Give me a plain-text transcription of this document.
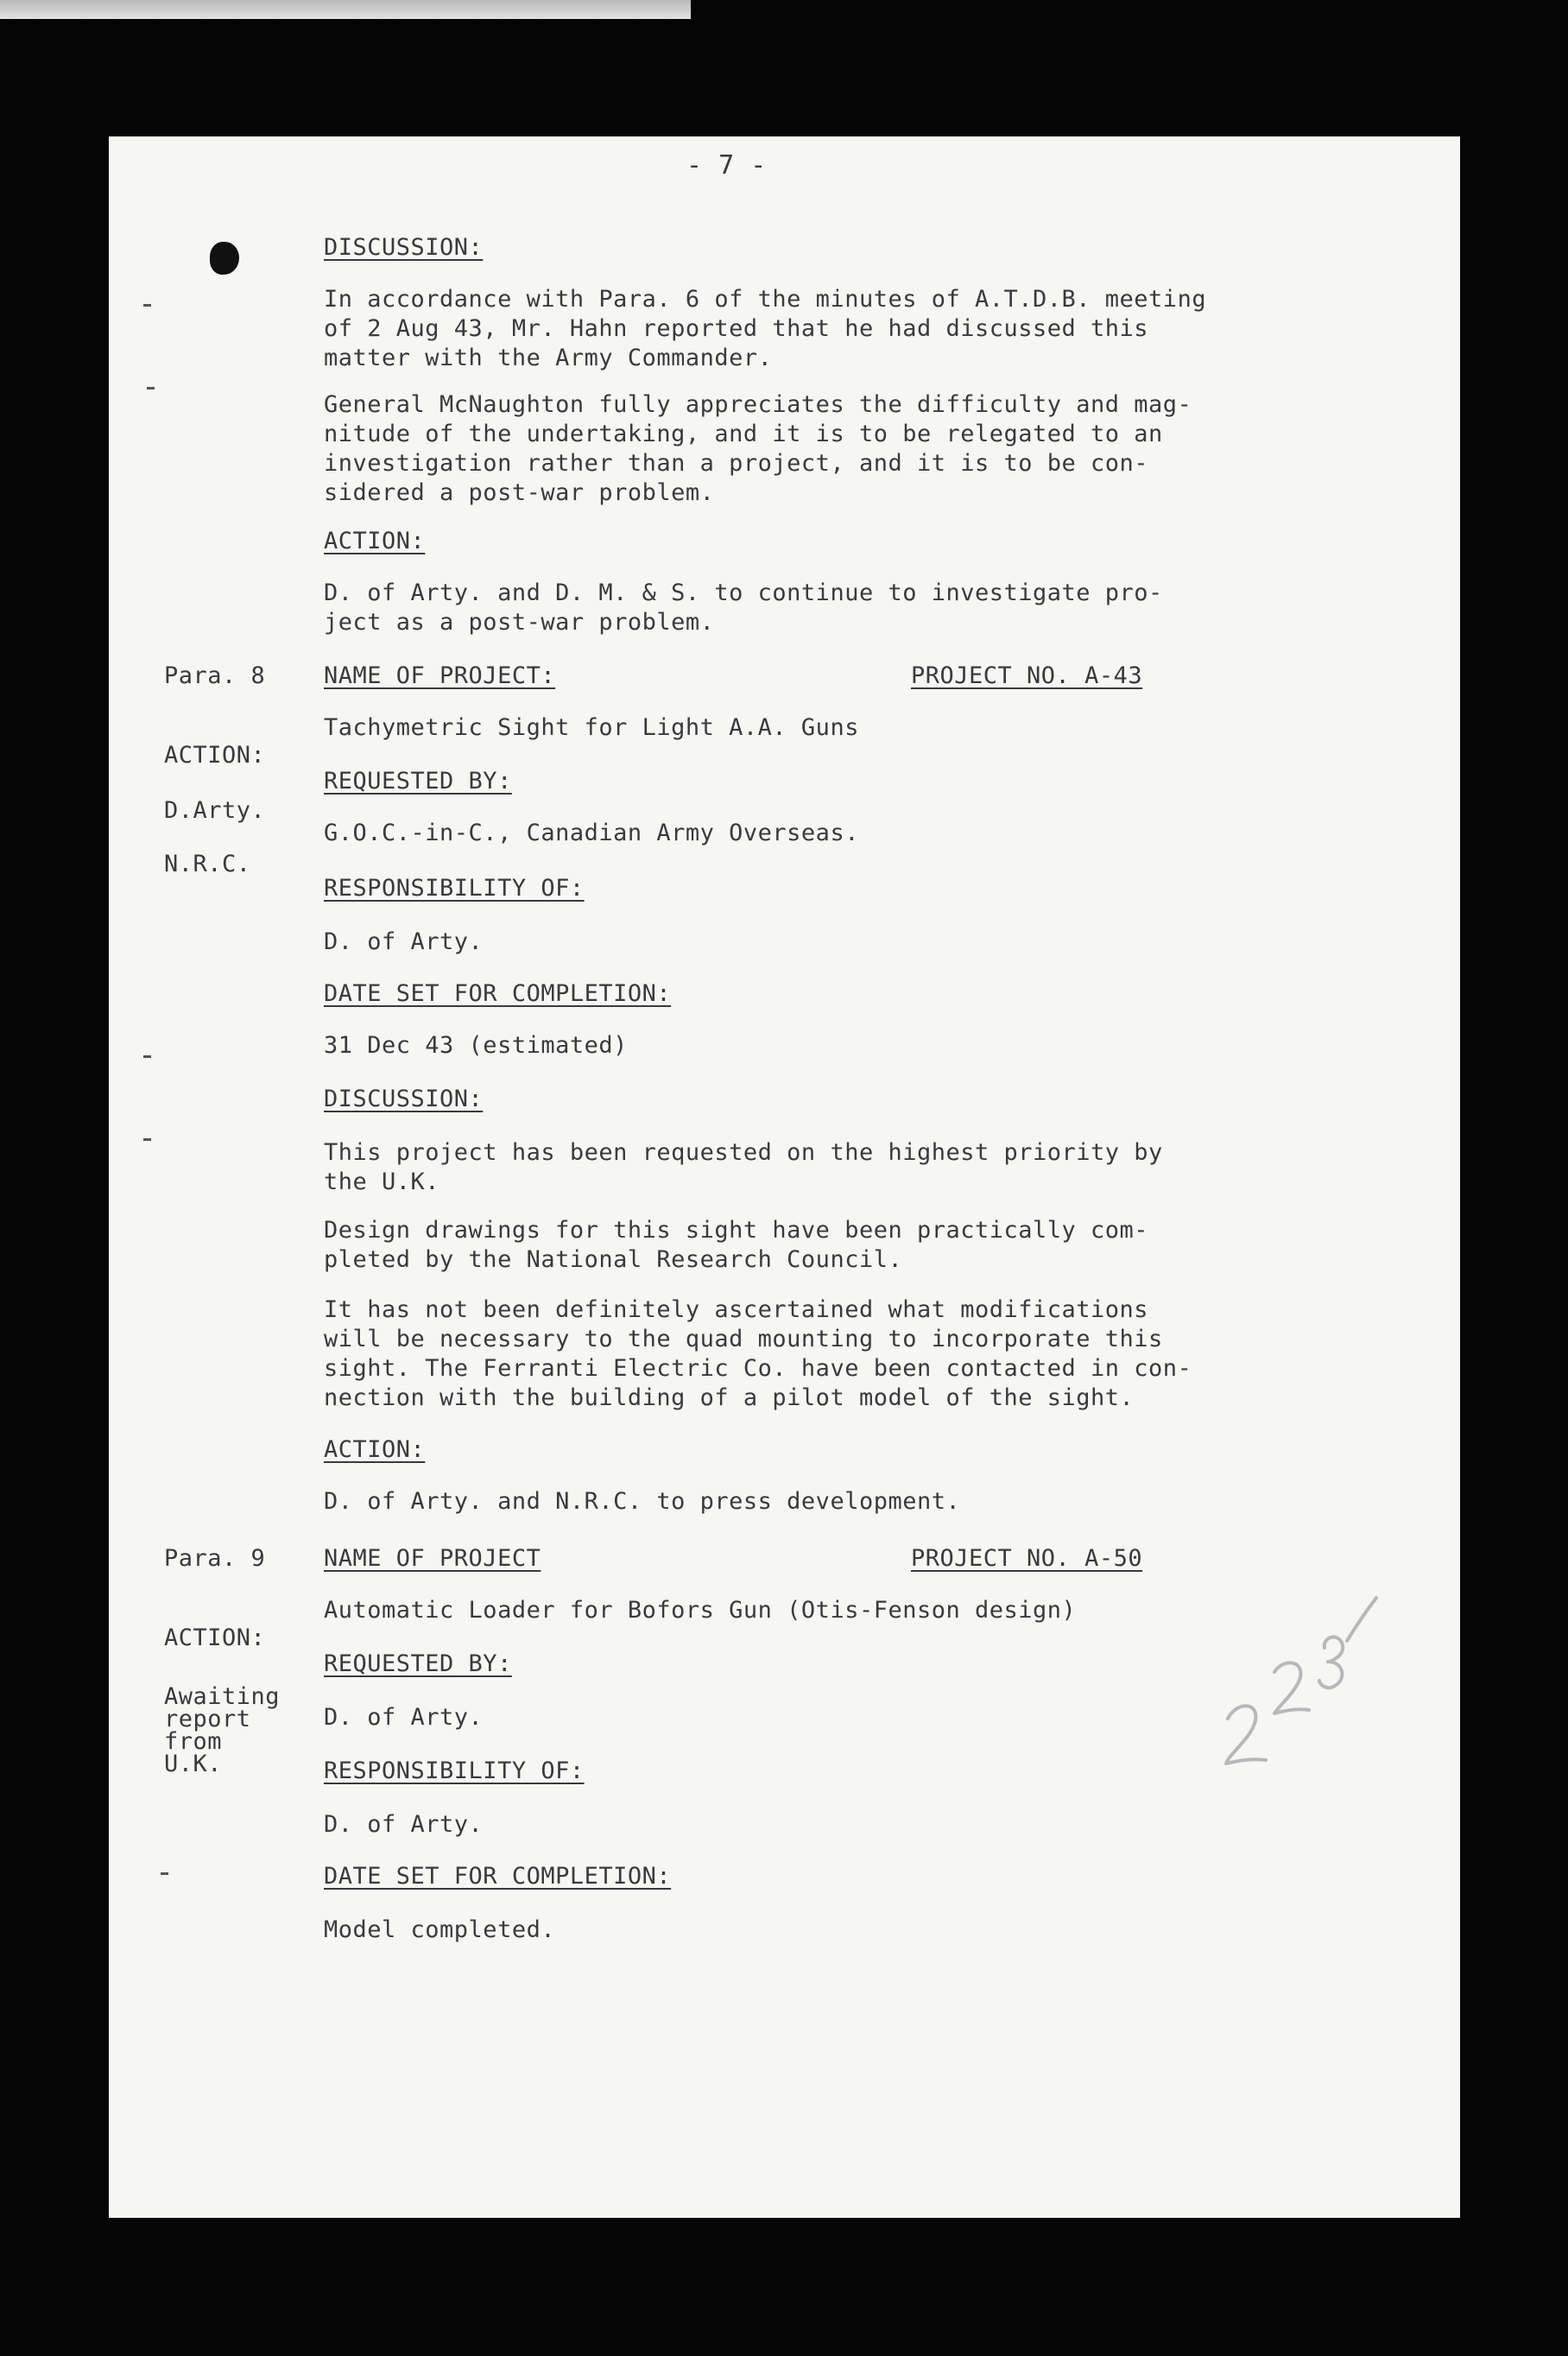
- 7 -
DISCUSSION:
In accordance with Para. 6 of the minutes of A.T.D.B. meeting
of 2 Aug 43, Mr. Hahn reported that he had discussed this
matter with the Army Commander.
General McNaughton fully appreciates the difficulty and mag-
nitude of the undertaking, and it is to be relegated to an
investigation rather than a project, and it is to be con-
sidered a post-war problem.
ACTION:
D. of Arty. and D. M. & S. to continue to investigate pro-
ject as a post-war problem.
Para. 8	NAME OF PROJECT:	PROJECT NO. A-43
Tachymetric Sight for Light A.A. Guns
ACTION:
REQUESTED BY:
D.Arty.
G.O.C.-in-C., Canadian Army Overseas.
N.R.C.
RESPONSIBILITY OF:
D. of Arty.
DATE SET FOR COMPLETION:
31 Dec 43 (estimated)
DISCUSSION:
This project has been requested on the highest priority by
the U.K.
Design drawings for this sight have been practically com-
pleted by the National Research Council.
It has not been definitely ascertained what modifications
will be necessary to the quad mounting to incorporate this
sight. The Ferranti Electric Co. have been contacted in con-
nection with the building of a pilot model of the sight.
ACTION:
D. of Arty. and N.R.C. to press development.
Para. 9	NAME OF PROJECT	PROJECT NO. A-50
Automatic Loader for Bofors Gun (Otis-Fenson design)
ACTION:
REQUESTED BY:
Awaiting
report	D. of Arty.
from
U.K.	RESPONSIBILITY OF:
D. of Arty.
DATE SET FOR COMPLETION:
Model completed.
